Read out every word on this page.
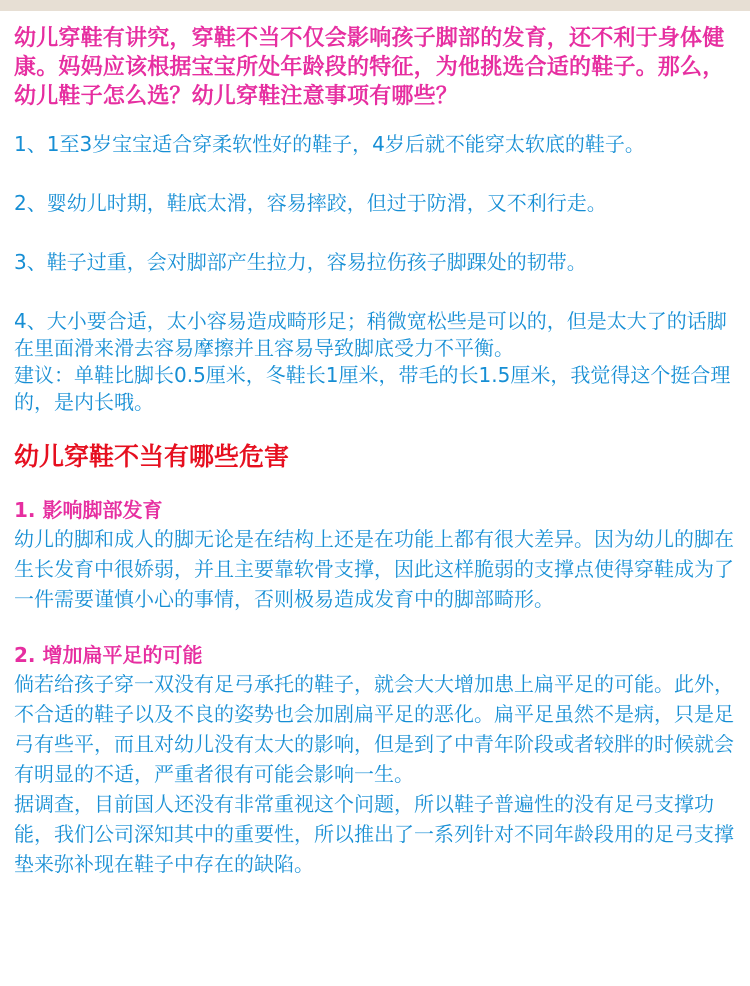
幼儿穿鞋有讲究，穿鞋不当不仅会影响孩子脚部的发育，还不利于身体健康。妈妈应该根据宝宝所处年龄段的特征，为他挑选合适的鞋子。那么，幼儿鞋子怎么选？幼儿穿鞋注意事项有哪些？

1、1至3岁宝宝适合穿柔软性好的鞋子，4岁后就不能穿太软底的鞋子。

2、婴幼儿时期，鞋底太滑，容易摔跤，但过于防滑，又不利行走。

3、鞋子过重，会对脚部产生拉力，容易拉伤孩子脚踝处的韧带。

4、大小要合适，太小容易造成畸形足；稍微宽松些是可以的，但是太大了的话脚在里面滑来滑去容易摩擦并且容易导致脚底受力不平衡。

建议：单鞋比脚长0.5厘米，冬鞋长1厘米，带毛的长1.5厘米，我觉得这个挺合理的，是内长哦。

幼儿穿鞋不当有哪些危害
1. 影响脚部发育

幼儿的脚和成人的脚无论是在结构上还是在功能上都有很大差异。因为幼儿的脚在生长发育中很娇弱，并且主要靠软骨支撑，因此这样脆弱的支撑点使得穿鞋成为了一件需要谨慎小心的事情，否则极易造成发育中的脚部畸形。

2. 增加扁平足的可能

倘若给孩子穿一双没有足弓承托的鞋子，就会大大增加患上扁平足的可能。此外，不合适的鞋子以及不良的姿势也会加剧扁平足的恶化。扁平足虽然不是病，只是足弓有些平，而且对幼儿没有太大的影响，但是到了中青年阶段或者较胖的时候就会有明显的不适，严重者很有可能会影响一生。

据调查，目前国人还没有非常重视这个问题，所以鞋子普遍性的没有足弓支撑功能，我们公司深知其中的重要性，所以推出了一系列针对不同年龄段用的足弓支撑垫来弥补现在鞋子中存在的缺陷。
